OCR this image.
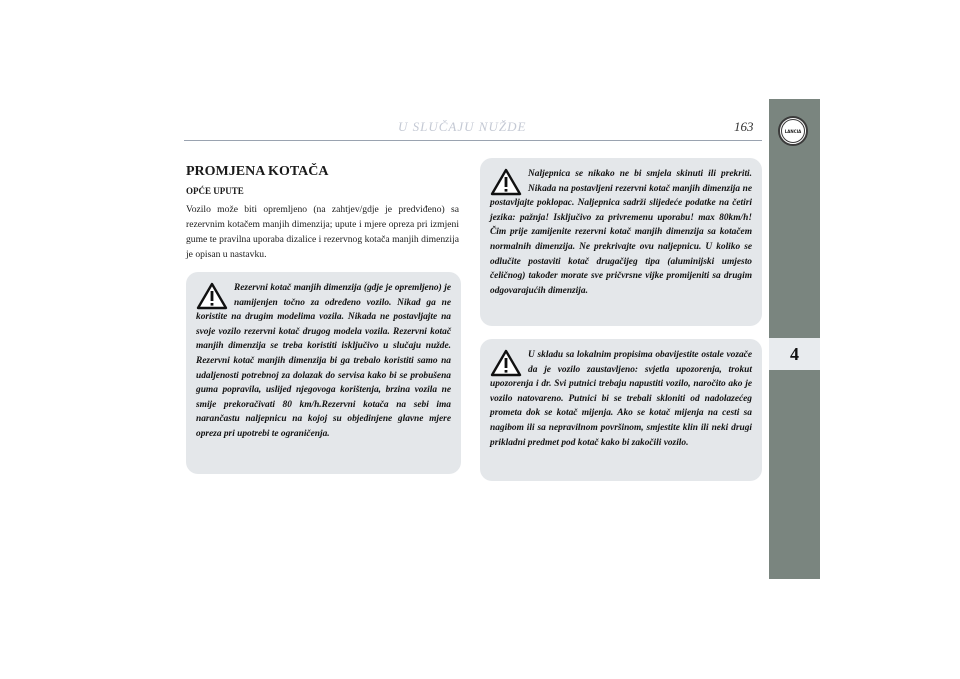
U SLUČAJU NUŽDE	163	LANCIA
4
PROMJENA KOTAČA
OPĆE UPUTE

Vozilo može biti opremljeno (na zahtjev/gdje je predviđeno) sa rezervnim kotačem manjih dimenzija; upute i mjere opreza pri izmjeni gume te pravilna uporaba dizalice i rezervnog kotača manjih dimenzija je opisan u nastavku.

Rezervni kotač manjih dimenzija (gdje je opremljeno) je namijenjen točno za određeno vozilo. Nikad ga ne koristite na drugim modelima vozila. Nikada ne postavljajte na svoje vozilo rezervni kotač drugog modela vozila. Rezervni kotač manjih dimenzija se treba koristiti isključivo u slučaju nužde. Rezervni kotač manjih dimenzija bi ga trebalo koristiti samo na udaljenosti potrebnoj za dolazak do servisa kako bi se probušena guma popravila, uslijed njegovoga korištenja, brzina vozila ne smije prekoračivati 80 km/h.Rezervni kotača na sebi ima narančastu naljepnicu na kojoj su objedinjene glavne mjere opreza pri upotrebi te ograničenja.

Naljepnica se nikako ne bi smjela skinuti ili prekriti. Nikada na postavljeni rezervni kotač manjih dimenzija ne postavljajte poklopac. Naljepnica sadrži slijedeće podatke na četiri jezika: pažnja! Isključivo za privremenu uporabu! max 80km/h! Čim prije zamijenite rezervni kotač manjih dimenzija sa kotačem normalnih dimenzija. Ne prekrivajte ovu naljepnicu. U koliko se odlučite postaviti kotač drugačijeg tipa (aluminijski umjesto čeličnog) također morate sve pričvrsne vijke promijeniti sa drugim odgovarajućih dimenzija.

U skladu sa lokalnim propisima obavijestite ostale vozače da je vozilo zaustavljeno: svjetla upozorenja, trokut upozorenja i dr. Svi putnici trebaju napustiti vozilo, naročito ako je vozilo natovareno. Putnici bi se trebali skloniti od nadolazećeg prometa dok se kotač mijenja. Ako se kotač mijenja na cesti sa nagibom ili sa nepravilnom površinom, smjestite klin ili neki drugi prikladni predmet pod kotač kako bi zakočili vozilo.
